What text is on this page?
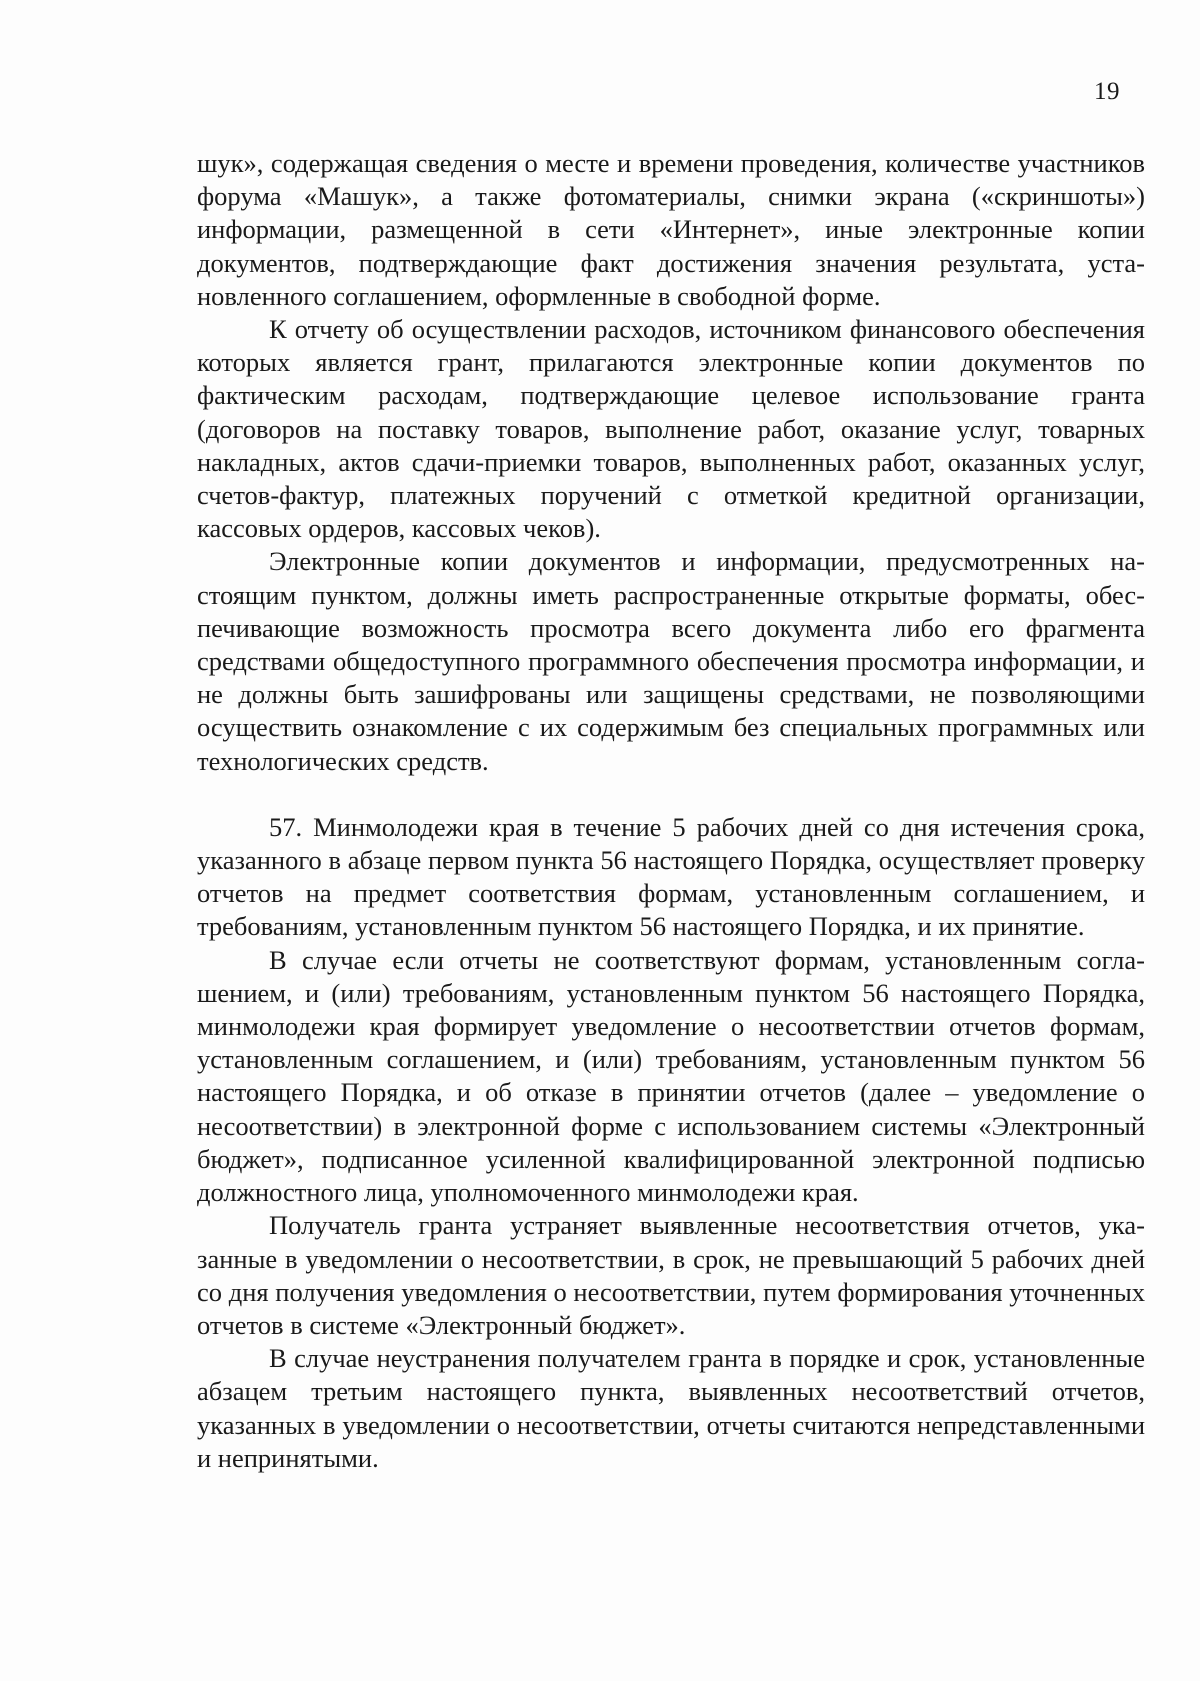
19

шук», содержащая сведения о месте и времени проведения, количестве участников форума «Машук», а также фотоматериалы, снимки экрана («скриншоты») информации, размещенной в сети «Интернет», иные электронные копии документов, подтверждающие факт достижения значения результата, установленного соглашением, оформленные в свободной форме.

К отчету об осуществлении расходов, источником финансового обеспечения которых является грант, прилагаются электронные копии документов по фактическим расходам, подтверждающие целевое использование гранта (договоров на поставку товаров, выполнение работ, оказание услуг, товарных накладных, актов сдачи-приемки товаров, выполненных работ, оказанных услуг, счетов-фактур, платежных поручений с отметкой кредитной организации, кассовых ордеров, кассовых чеков).

Электронные копии документов и информации, предусмотренных настоящим пунктом, должны иметь распространенные открытые форматы, обеспечивающие возможность просмотра всего документа либо его фрагмента средствами общедоступного программного обеспечения просмотра информации, и не должны быть зашифрованы или защищены средствами, не позволяющими осуществить ознакомление с их содержимым без специальных программных или технологических средств.

57. Минмолодежи края в течение 5 рабочих дней со дня истечения срока, указанного в абзаце первом пункта 56 настоящего Порядка, осуществляет проверку отчетов на предмет соответствия формам, установленным соглашением, и требованиям, установленным пунктом 56 настоящего Порядка, и их принятие.

В случае если отчеты не соответствуют формам, установленным соглашением, и (или) требованиям, установленным пунктом 56 настоящего Порядка, минмолодежи края формирует уведомление о несоответствии отчетов формам, установленным соглашением, и (или) требованиям, установленным пунктом 56 настоящего Порядка, и об отказе в принятии отчетов (далее – уведомление о несоответствии) в электронной форме с использованием системы «Электронный бюджет», подписанное усиленной квалифицированной электронной подписью должностного лица, уполномоченного минмолодежи края.

Получатель гранта устраняет выявленные несоответствия отчетов, указанные в уведомлении о несоответствии, в срок, не превышающий 5 рабочих дней со дня получения уведомления о несоответствии, путем формирования уточненных отчетов в системе «Электронный бюджет».

В случае неустранения получателем гранта в порядке и срок, установленные абзацем третьим настоящего пункта, выявленных несоответствий отчетов, указанных в уведомлении о несоответствии, отчеты считаются непредставленными и непринятыми.
